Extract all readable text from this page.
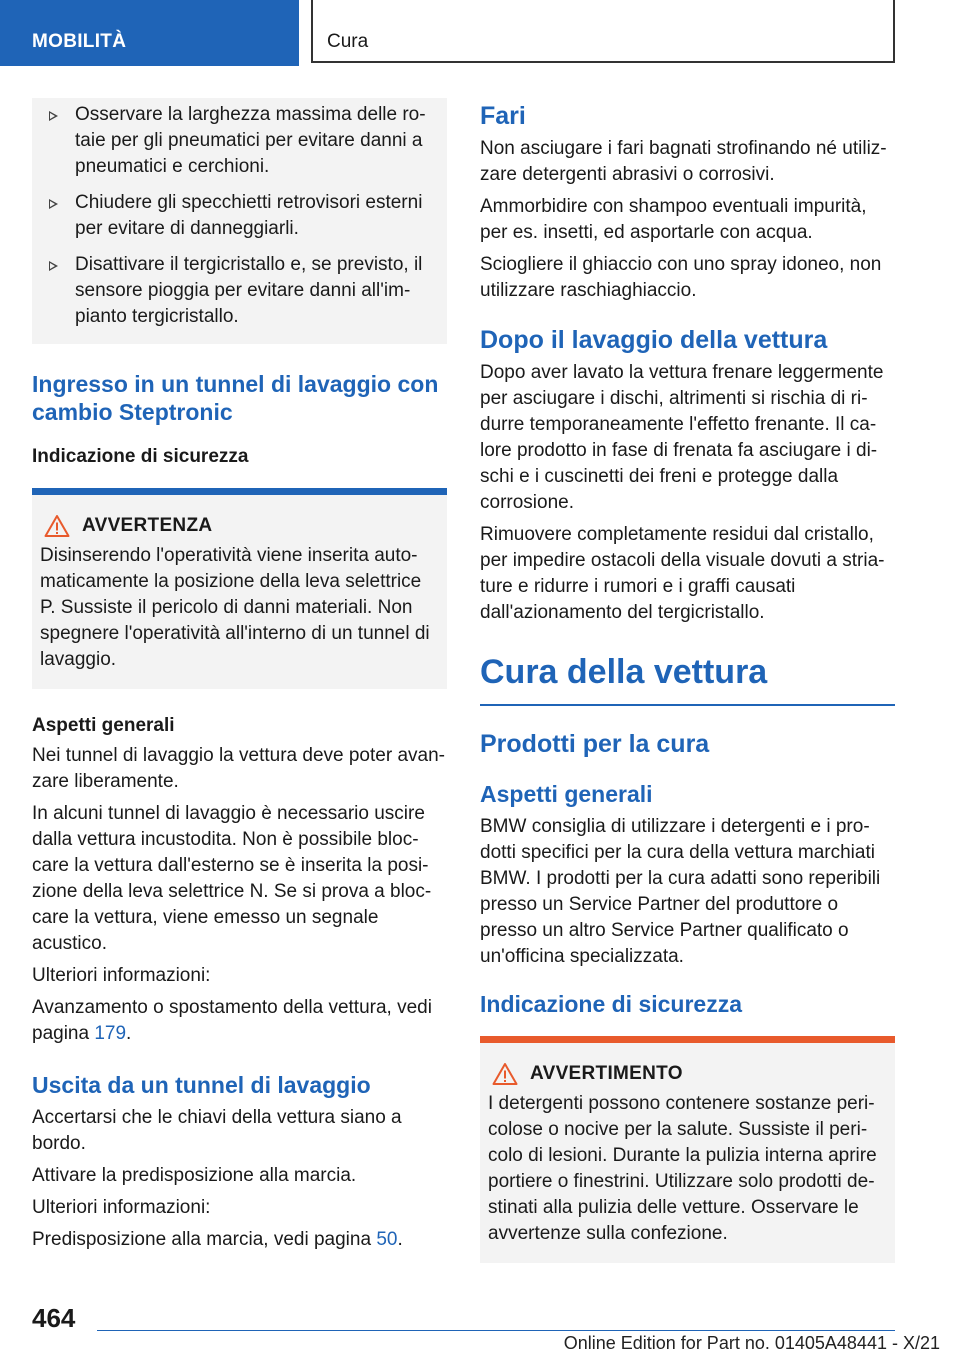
MOBILITÀ	Cura
Osservare la larghezza massima delle rotaie per gli pneumatici per evitare danni a pneumatici e cerchioni.
Chiudere gli specchietti retrovisori esterni per evitare di danneggiarli.
Disattivare il tergicristallo e, se previsto, il sensore pioggia per evitare danni all'impianto tergicristallo.
Ingresso in un tunnel di lavaggio con cambio Steptronic
Indicazione di sicurezza
AVVERTENZA
Disinserendo l'operatività viene inserita automaticamente la posizione della leva selettrice P. Sussiste il pericolo di danni materiali. Non spegnere l'operatività all'interno di un tunnel di lavaggio.
Aspetti generali

Nei tunnel di lavaggio la vettura deve poter avanzare liberamente.

In alcuni tunnel di lavaggio è necessario uscire dalla vettura incustodita. Non è possibile bloccare la vettura dall'esterno se è inserita la posizione della leva selettrice N. Se si prova a bloccare la vettura, viene emesso un segnale acustico.

Ulteriori informazioni:

Avanzamento o spostamento della vettura, vedi pagina 179.

Uscita da un tunnel di lavaggio

Accertarsi che le chiavi della vettura siano a bordo.

Attivare la predisposizione alla marcia.

Ulteriori informazioni:

Predisposizione alla marcia, vedi pagina 50.

Fari

Non asciugare i fari bagnati strofinando né utilizzare detergenti abrasivi o corrosivi.

Ammorbidire con shampoo eventuali impurità, per es. insetti, ed asportarle con acqua.

Sciogliere il ghiaccio con uno spray idoneo, non utilizzare raschiaghiaccio.

Dopo il lavaggio della vettura

Dopo aver lavato la vettura frenare leggermente per asciugare i dischi, altrimenti si rischia di ridurre temporaneamente l'effetto frenante. Il calore prodotto in fase di frenata fa asciugare i dischi e i cuscinetti dei freni e protegge dalla corrosione.

Rimuovere completamente residui dal cristallo, per impedire ostacoli della visuale dovuti a striature e ridurre i rumori e i graffi causati dall'azionamento del tergicristallo.

Cura della vettura
Prodotti per la cura
Aspetti generali

BMW consiglia di utilizzare i detergenti e i prodotti specifici per la cura della vettura marchiati BMW. I prodotti per la cura adatti sono reperibili presso un Service Partner del produttore o presso un altro Service Partner qualificato o un'officina specializzata.

Indicazione di sicurezza
AVVERTIMENTO
I detergenti possono contenere sostanze pericolose o nocive per la salute. Sussiste il pericolo di lesioni. Durante la pulizia interna aprire portiere o finestrini. Utilizzare solo prodotti destinati alla pulizia delle vetture. Osservare le avvertenze sulla confezione.
464
Online Edition for Part no. 01405A48441 - X/21
